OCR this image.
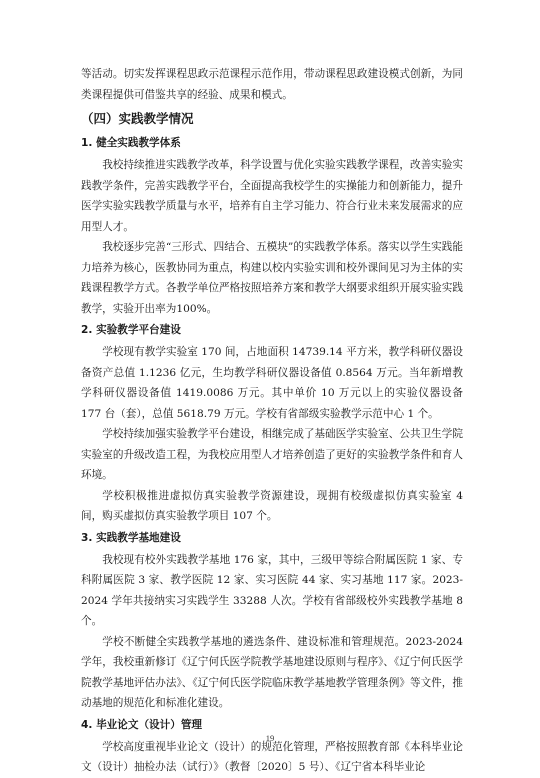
等活动。切实发挥课程思政示范课程示范作用，带动课程思政建设模式创新，为同类课程提供可借鉴共享的经验、成果和模式。

（四）实践教学情况
1. 健全实践教学体系

我校持续推进实践教学改革，科学设置与优化实验实践教学课程，改善实验实践教学条件，完善实践教学平台，全面提高我校学生的实操能力和创新能力，提升医学实验实践教学质量与水平，培养有自主学习能力、符合行业未来发展需求的应用型人才。

我校逐步完善“三形式、四结合、五模块”的实践教学体系。落实以学生实践能力培养为核心，医教协同为重点，构建以校内实验实训和校外课间见习为主体的实践课程教学方式。各教学单位严格按照培养方案和教学大纲要求组织开展实验实践教学，实验开出率为100%。

2. 实验教学平台建设

学校现有教学实验室 170 间，占地面积 14739.14 平方米，教学科研仪器设备资产总值 1.1236 亿元，生均教学科研仪器设备值 0.8564 万元。当年新增教学科研仪器设备值 1419.0086 万元。其中单价 10 万元以上的实验仪器设备 177 台（套），总值 5618.79 万元。学校有省部级实验教学示范中心 1 个。

学校持续加强实验教学平台建设，相继完成了基础医学实验室、公共卫生学院实验室的升级改造工程，为我校应用型人才培养创造了更好的实验教学条件和育人环境。

学校积极推进虚拟仿真实验教学资源建设，现拥有校级虚拟仿真实验室 4 间，购买虚拟仿真实验教学项目 107 个。

3. 实践教学基地建设

我校现有校外实践教学基地 176 家，其中，三级甲等综合附属医院 1 家、专科附属医院 3 家、教学医院 12 家、实习医院 44 家、实习基地 117 家。2023-2024 学年共接纳实习实践学生 33288 人次。学校有省部级校外实践教学基地 8 个。

学校不断健全实践教学基地的遴选条件、建设标准和管理规范。2023-2024 学年，我校重新修订《辽宁何氏医学院教学基地建设原则与程序》、《辽宁何氏医学院教学基地评估办法》、《辽宁何氏医学院临床教学基地教学管理条例》等文件，推动基地的规范化和标准化建设。

4. 毕业论文（设计）管理

学校高度重视毕业论文（设计）的规范化管理，严格按照教育部《本科毕业论文（设计）抽检办法（试行）》（教督〔2020〕5 号）、《辽宁省本科毕业论

19
